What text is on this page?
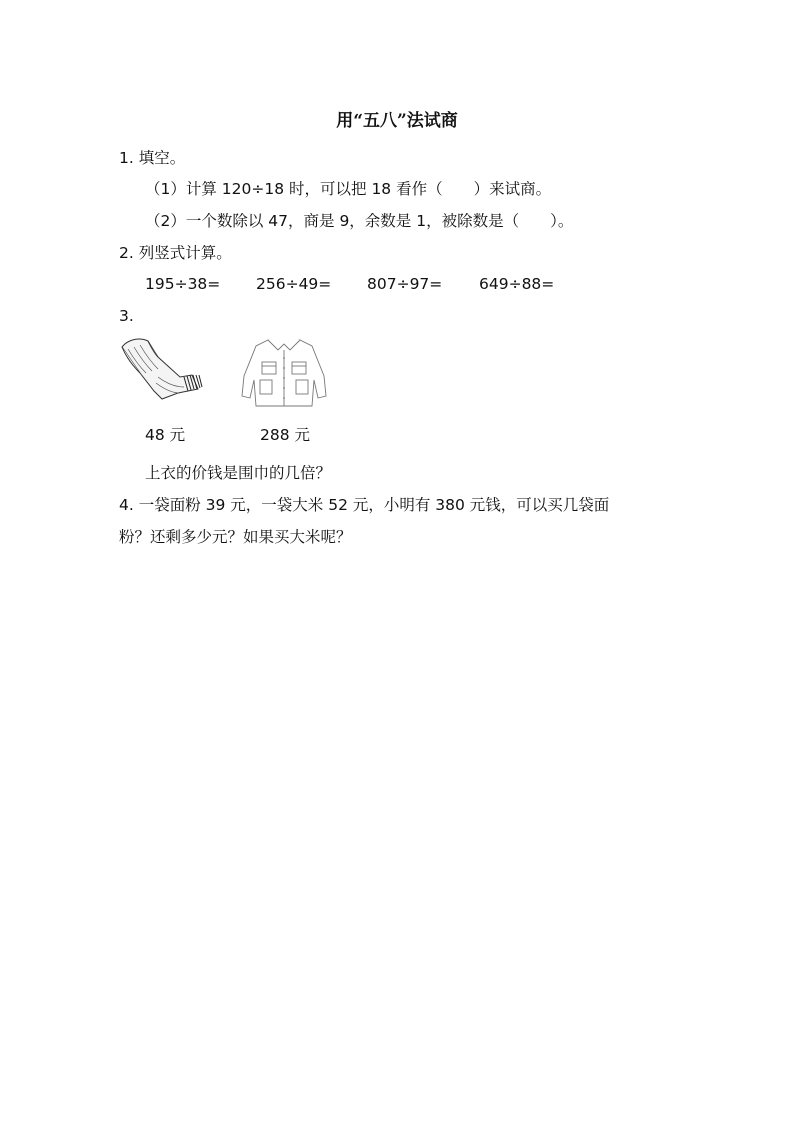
用“五八”法试商
1. 填空。
（1）计算 120÷18 时，可以把 18 看作（　　）来试商。
（2）一个数除以 47，商是 9，余数是 1，被除数是（　　）。
2. 列竖式计算。
195÷38= 256÷49= 807÷97= 649÷88=
3.
48 元	288 元
上衣的价钱是围巾的几倍？
4. 一袋面粉 39 元，一袋大米 52 元，小明有 380 元钱，可以买几袋面
粉？还剩多少元？如果买大米呢？
